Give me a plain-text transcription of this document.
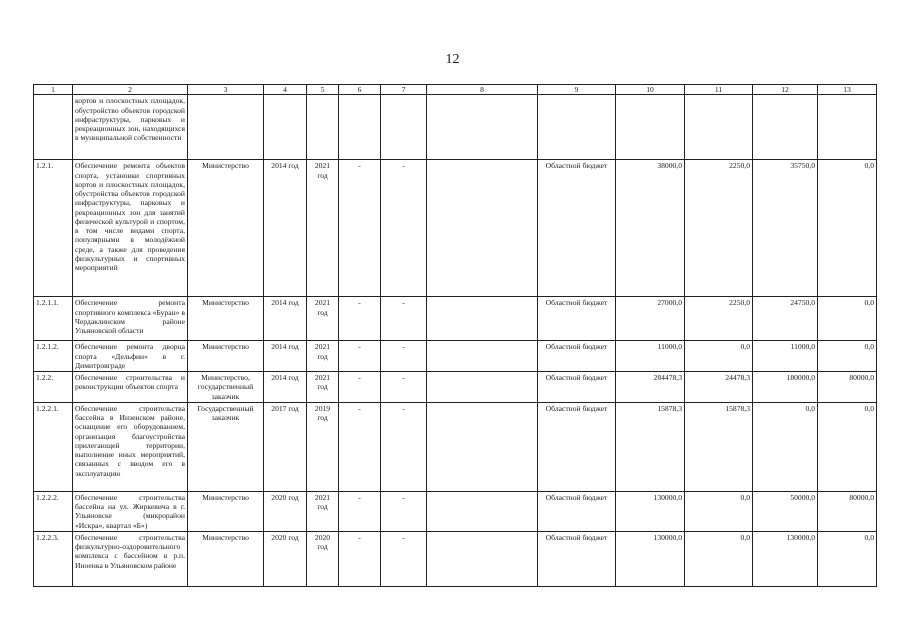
12
1	2	3	4	5	6	7	8	9	10	11	12	13
	кортов и плоскостных площадок, обустройство объектов городской инфраструктуры, парковых и рекреационных зон, находящихся в муниципальной собственности											
1.2.1.	Обеспечение ремонта объектов спорта, установки спортивных кортов и плоскостных площадок, обустройства объектов городской инфраструктуры, парковых и рекреационных зон для занятий физической культурой и спортом, в том числе видами спорта, популярными в молодёжной среде, а также для проведения физкультурных и спортивных мероприятий	Министерство	2014 год	2021 год	-	-		Областной бюджет	38000,0	2250,0	35750,0	0,0
1.2.1.1.	Обеспечение ремонта спортивного комплекса «Буран» в Чердаклинском районе Ульяновской области	Министерство	2014 год	2021 год	-	-		Областной бюджет	27000,0	2250,0	24750,0	0,0
1.2.1.2.	Обеспечение ремонта дворца спорта «Дельфин» в г. Димитровграде	Министерство	2014 год	2021 год	-	-		Областной бюджет	11000,0	0,0	11000,0	0,0
1.2.2.	Обеспечение строительства и реконструкции объектов спорта	Министерство, государственный заказчик	2014 год	2021 год	-	-		Областной бюджет	284478,3	24478,3	180000,0	80000,0
1.2.2.1.	Обеспечение строительства бассейна в Инзенском районе, оснащение его оборудованием, организация благоустройства прилегающей территории, выполнение иных мероприятий, связанных с вводом его в эксплуатацию	Государственный заказчик	2017 год	2019 год	-	-		Областной бюджет	15878,3	15878,3	0,0	0,0
1.2.2.2.	Обеспечение строительства бассейна на ул. Жиркевича в г. Ульяновске (микрорайон «Искра», квартал «Б»)	Министерство	2020 год	2021 год	-	-		Областной бюджет	130000,0	0,0	50000,0	80000,0
1.2.2.3.	Обеспечение строительства физкультурно-оздоровительного комплекса с бассейном в р.п. Иноенка в Ульяновском районе	Министерство	2020 год	2020 год	-	-		Областной бюджет	130000,0	0,0	130000,0	0,0
